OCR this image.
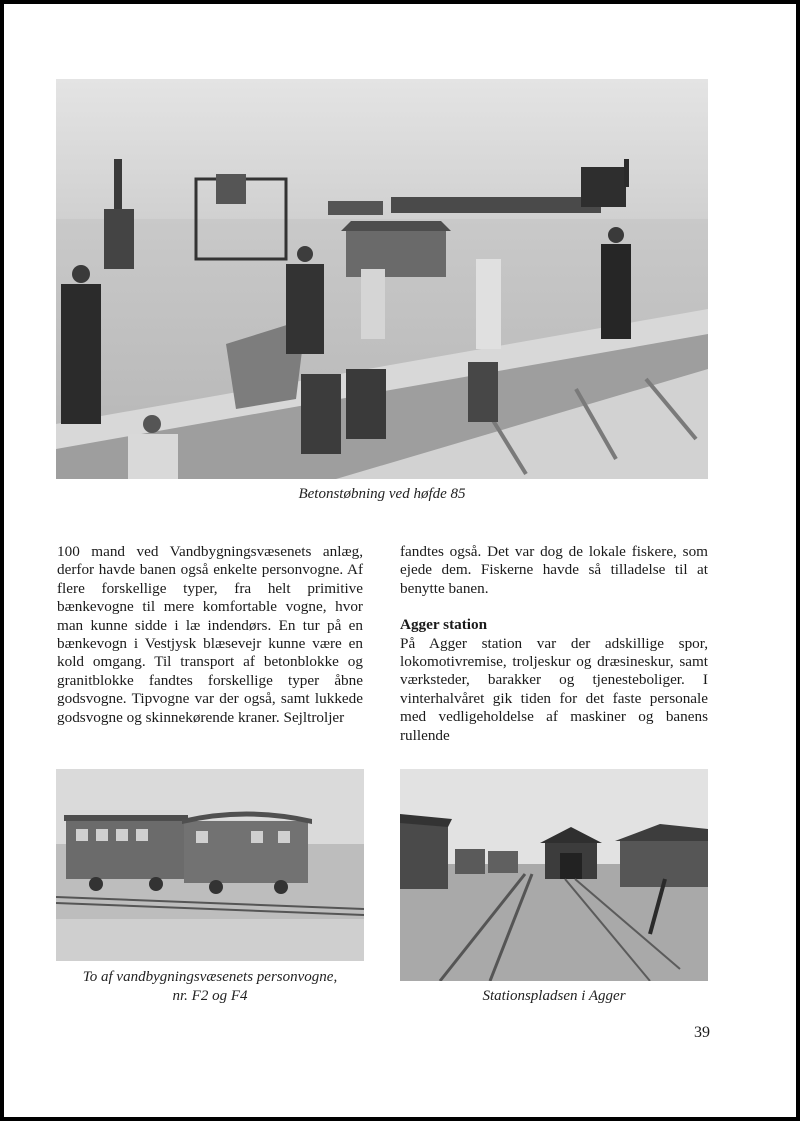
Betonstøbning ved høfde 85

100 mand ved Vandbygningsvæsenets anlæg, derfor havde banen også enkelte personvogne. Af flere forskellige typer, fra helt primitive bænkevogne til mere komfortable vogne, hvor man kunne sidde i læ indendørs. En tur på en bænkevogn i Vestjysk blæsevejr kunne være en kold omgang. Til transport af betonblokke og granitblokke fandtes forskellige typer åbne godsvogne. Tipvogne var der også, samt lukkede godsvogne og skinnekørende kraner. Sejltroljer

fandtes også. Det var dog de lokale fiskere, som ejede dem. Fiskerne havde så tilladelse til at benytte banen.

Agger station

På Agger station var der adskillige spor, lokomotivremise, troljeskur og dræsineskur, samt værksteder, barakker og tjenesteboliger. I vinterhalvåret gik tiden for det faste personale med vedligeholdelse af maskiner og banens rullende

To af vandbygningsvæsenets personvogne,
nr. F2 og F4	Stationspladsen i Agger
39
